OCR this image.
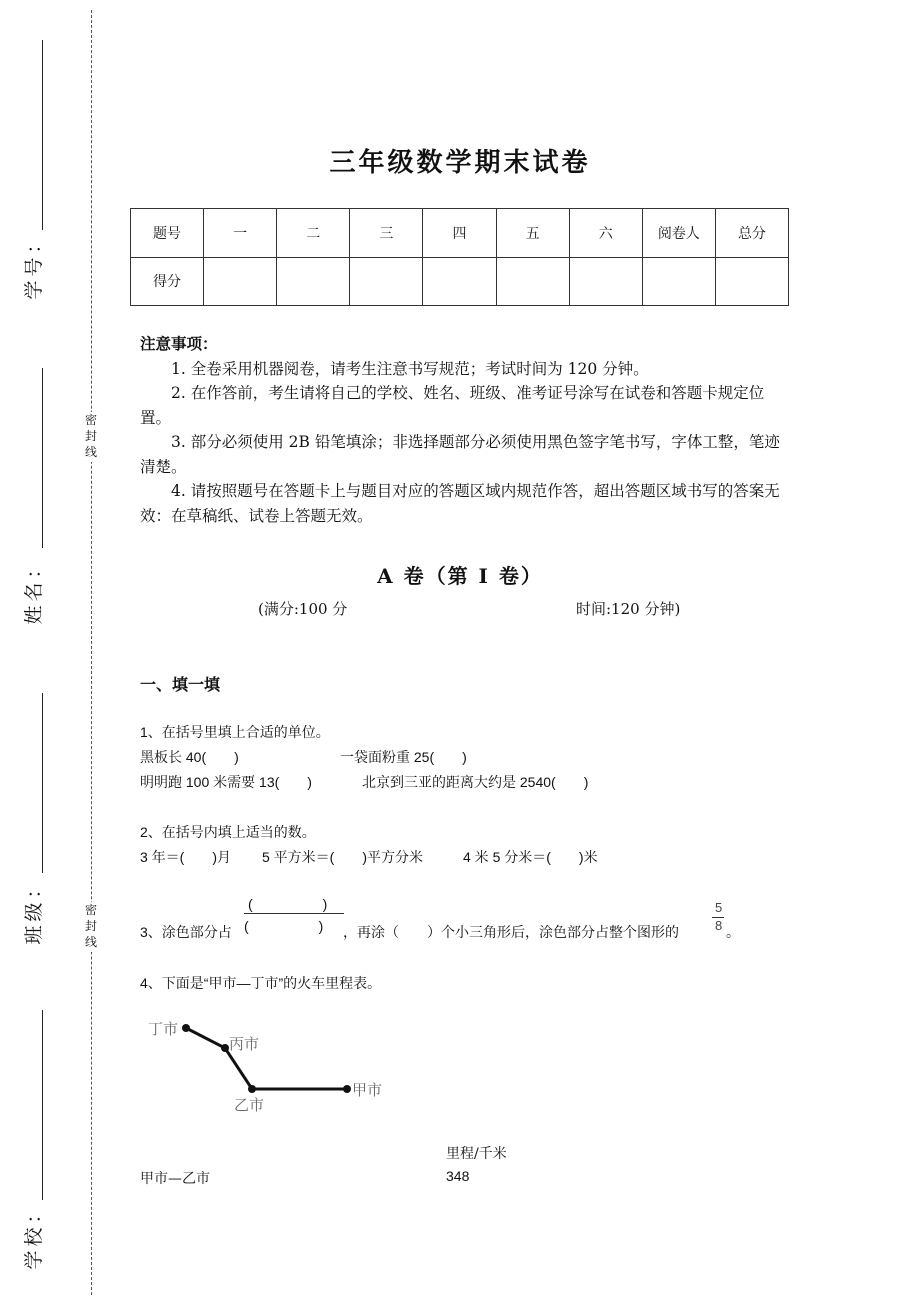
学号：
姓名：
班级：
学校：
密
封
线
密
封
线
三年级数学期末试卷
题号	一	二	三	四	五	六	阅卷人	总分
得分								
注意事项：

1. 全卷采用机器阅卷，请考生注意书写规范；考试时间为 120 分钟。

2. 在作答前，考生请将自己的学校、姓名、班级、准考证号涂写在试卷和答题卡规定位置。

3. 部分必须使用 2B 铅笔填涂；非选择题部分必须使用黑色签字笔书写，字体工整，笔迹清楚。

4. 请按照题号在答题卡上与题目对应的答题区域内规范作答，超出答题区域书写的答案无效：在草稿纸、试卷上答题无效。

A 卷（第 I 卷）
(满分:100 分	时间:120 分钟)
一、填一填
1、在括号里填上合适的单位。
黑板长 40(　　)	一袋面粉重 25(　　)
明明跑 100 米需要 13(　　)	北京到三亚的距离大约是 2540(　　)
2、在括号内填上适当的数。
3 年＝(　　)月 5 平方米＝(　　)平方分米	4 米 5 分米＝(　　)米
3、涂色部分占
(　　　　　)
(　　　　　) ，再涂（　　）个小三角形后，涂色部分占整个图形的
5
8 。
4、下面是“甲市—丁市”的火车里程表。
丁市
丙市
乙市
甲市
里程/千米
甲市—乙市	348
